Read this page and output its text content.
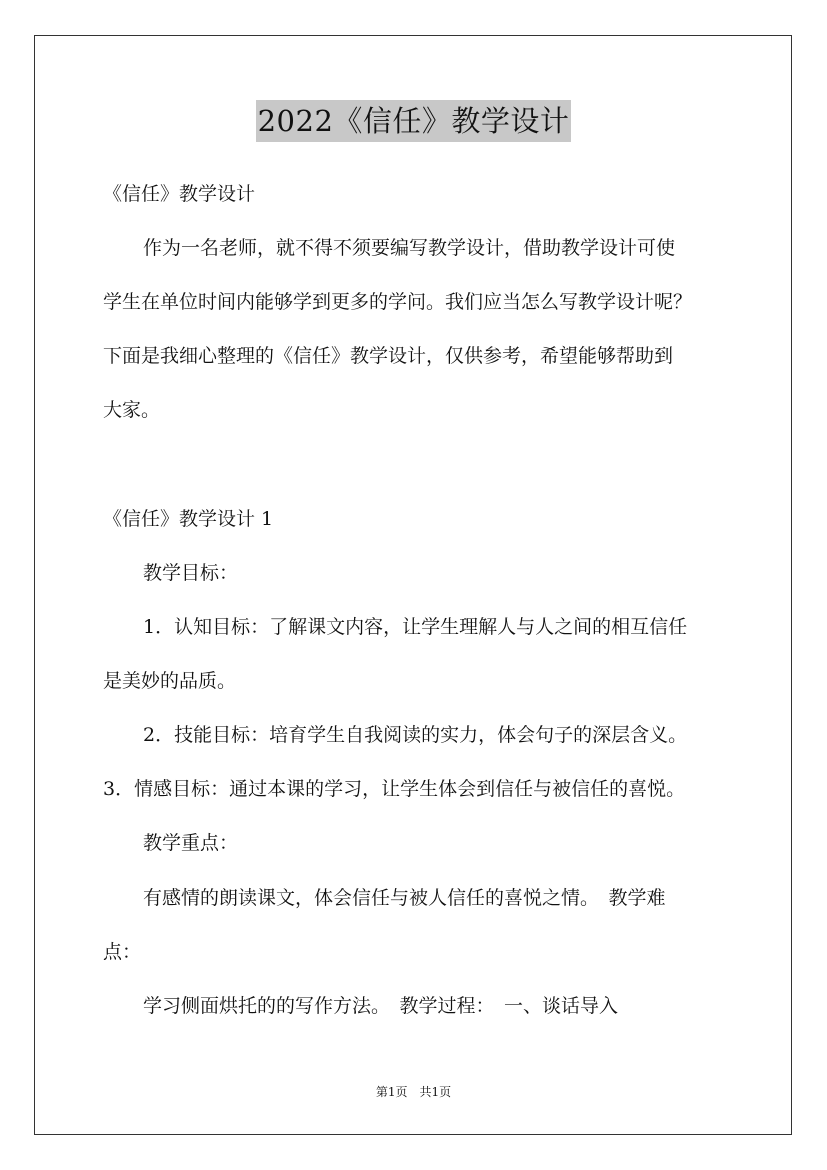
2022《信任》教学设计
《信任》教学设计
作为一名老师，就不得不须要编写教学设计，借助教学设计可使
学生在单位时间内能够学到更多的学问。我们应当怎么写教学设计呢？
下面是我细心整理的《信任》教学设计，仅供参考，希望能够帮助到
大家。
《信任》教学设计 1
教学目标：
1．认知目标：了解课文内容，让学生理解人与人之间的相互信任
是美妙的品质。
2．技能目标：培育学生自我阅读的实力，体会句子的深层含义。
3．情感目标：通过本课的学习，让学生体会到信任与被信任的喜悦。
教学重点：
有感情的朗读课文，体会信任与被人信任的喜悦之情。　教学难
点：
学习侧面烘托的的写作方法。　教学过程：　一、谈话导入
第1页　共1页
